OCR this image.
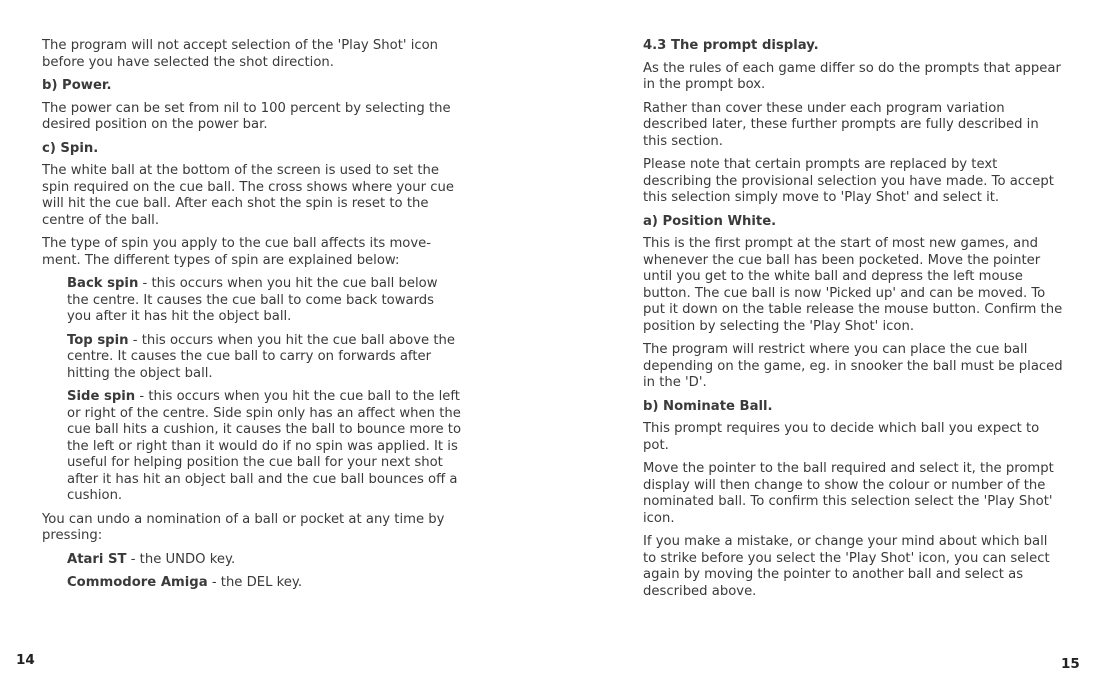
The program will not accept selection of the 'Play Shot' icon before you have selected the shot direction.

b) Power.

The power can be set from nil to 100 percent by selecting the desired position on the power bar.

c) Spin.

The white ball at the bottom of the screen is used to set the spin required on the cue ball. The cross shows where your cue will hit the cue ball. After each shot the spin is reset to the centre of the ball.

The type of spin you apply to the cue ball affects its move- ment. The different types of spin are explained below:

Back spin - this occurs when you hit the cue ball below the centre. It causes the cue ball to come back towards you after it has hit the object ball.

Top spin - this occurs when you hit the cue ball above the centre. It causes the cue ball to carry on forwards after hitting the object ball.

Side spin - this occurs when you hit the cue ball to the left or right of the centre. Side spin only has an affect when the cue ball hits a cushion, it causes the ball to bounce more to the left or right than it would do if no spin was applied. It is useful for helping position the cue ball for your next shot after it has hit an object ball and the cue ball bounces off a cushion.

You can undo a nomination of a ball or pocket at any time by pressing:

Atari ST - the UNDO key.

Commodore Amiga - the DEL key.

14

4.3 The prompt display.

As the rules of each game differ so do the prompts that appear in the prompt box.

Rather than cover these under each program variation described later, these further prompts are fully described in this section.

Please note that certain prompts are replaced by text describing the provisional selection you have made. To accept this selection simply move to 'Play Shot' and select it.

a) Position White.

This is the first prompt at the start of most new games, and whenever the cue ball has been pocketed. Move the pointer until you get to the white ball and depress the left mouse button. The cue ball is now 'Picked up' and can be moved. To put it down on the table release the mouse button. Confirm the position by selecting the 'Play Shot' icon.

The program will restrict where you can place the cue ball depending on the game, eg. in snooker the ball must be placed in the 'D'.

b) Nominate Ball.

This prompt requires you to decide which ball you expect to pot.

Move the pointer to the ball required and select it, the prompt display will then change to show the colour or number of the nominated ball. To confirm this selection select the 'Play Shot' icon.

If you make a mistake, or change your mind about which ball to strike before you select the 'Play Shot' icon, you can select again by moving the pointer to another ball and select as described above.

15
